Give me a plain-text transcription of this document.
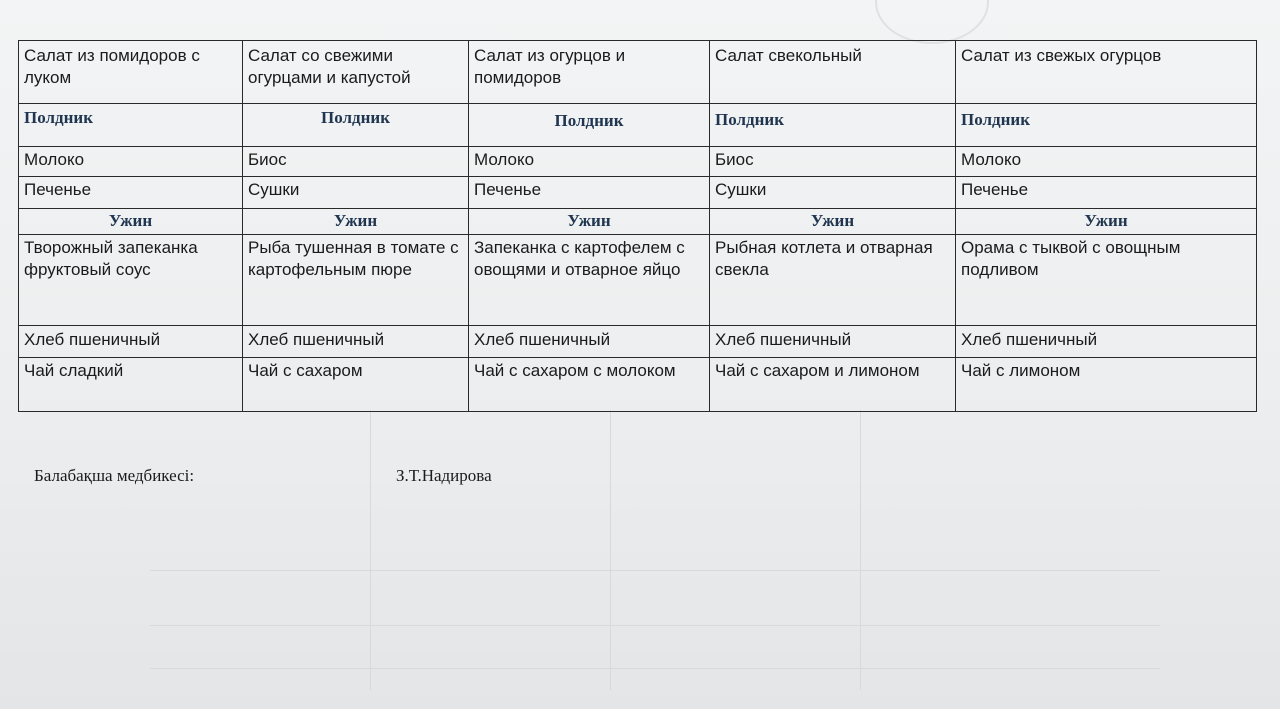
Салат из помидоров с луком	Салат со свежими огурцами и капустой	Салат из огурцов и помидоров	Салат свекольный	Салат из свежых огурцов
Полдник	Полдник	Полдник	Полдник	Полдник
Молоко	Биос	Молоко	Биос	Молоко
Печенье	Сушки	Печенье	Сушки	Печенье
Ужин	Ужин	Ужин	Ужин	Ужин
Творожный запеканка фруктовый соус	Рыба тушенная в томате с картофельным пюре	Запеканка с картофелем с овощями и отварное яйцо	Рыбная котлета и отварная свекла	Орама с тыквой с овощным подливом
Хлеб пшеничный	Хлеб пшеничный	Хлеб пшеничный	Хлеб пшеничный	Хлеб пшеничный
Чай сладкий	Чай с сахаром	Чай с сахаром с молоком	Чай с сахаром и лимоном	Чай с лимоном
Балабақша медбикесі:	З.Т.Надирова
